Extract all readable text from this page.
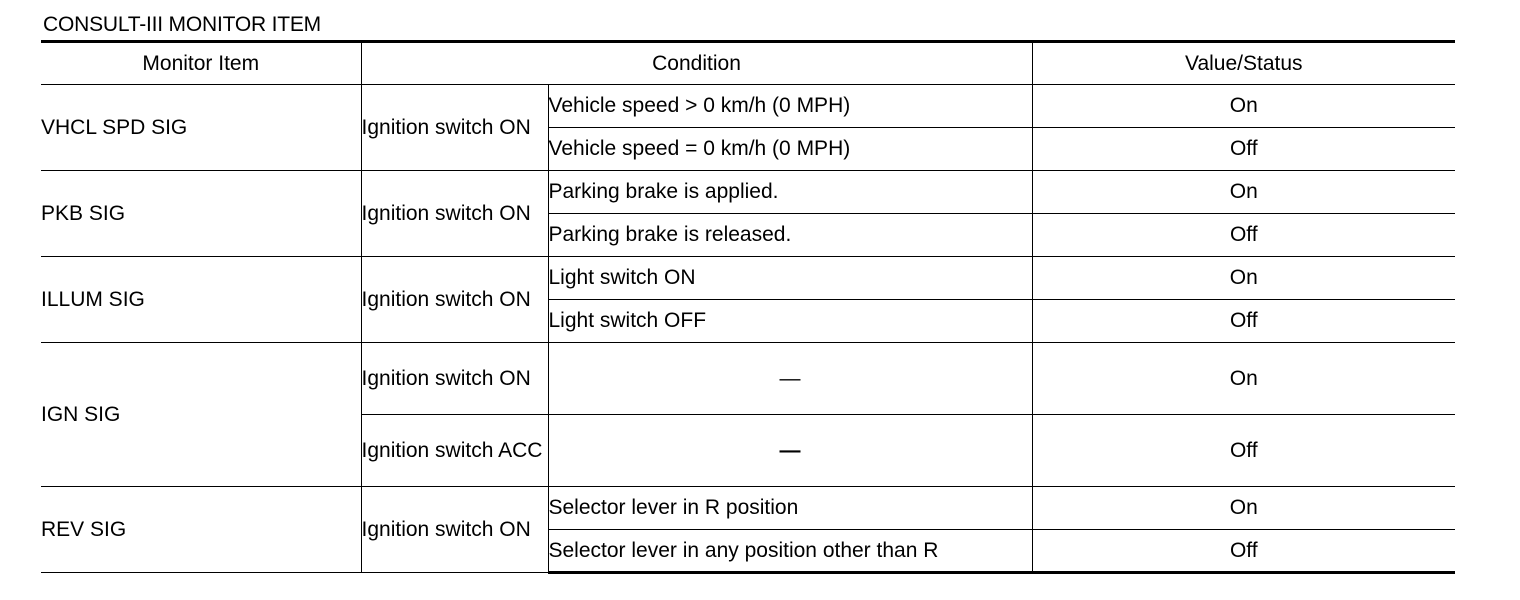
CONSULT-III MONITOR ITEM
Monitor Item	Condition		Value/Status
VHCL SPD SIG	Ignition switch ON	Vehicle speed > 0 km/h (0 MPH)	On
		Vehicle speed = 0 km/h (0 MPH)	Off
PKB SIG	Ignition switch ON	Parking brake is applied.	On
		Parking brake is released.	Off
ILLUM SIG	Ignition switch ON	Light switch ON	On
		Light switch OFF	Off
IGN SIG	Ignition switch ON	—	On
	Ignition switch ACC	—	Off
REV SIG	Ignition switch ON	Selector lever in R position	On
		Selector lever in any position other than R	Off
